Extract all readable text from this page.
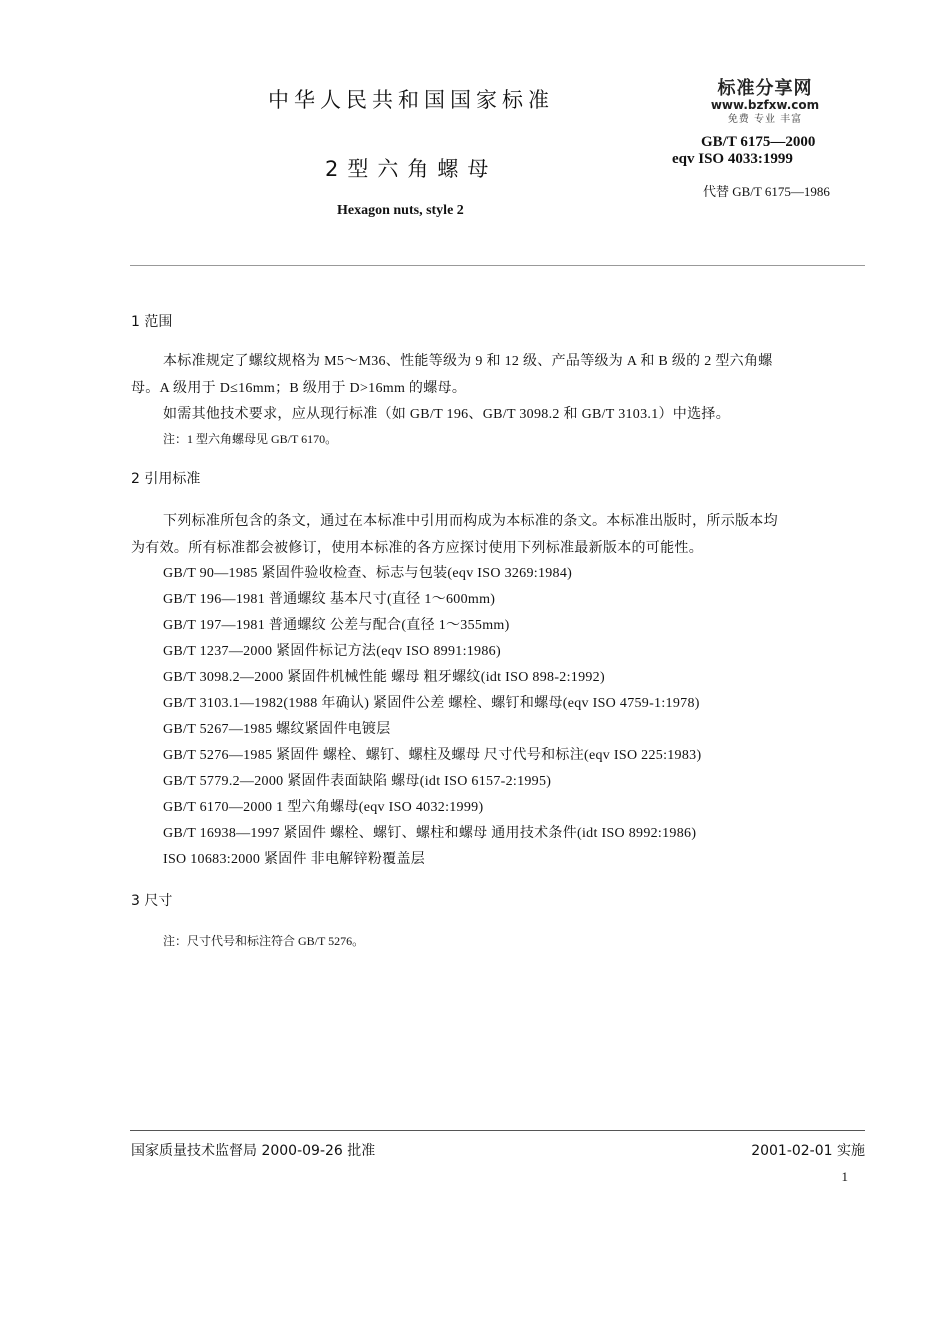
中华人民共和国国家标准	标准分享网
www.bzfxw.com
免费 专业 丰富
GB/T 6175—2000
eqv ISO 4033:1999
代替 GB/T 6175—1986
2型六角螺母
Hexagon nuts, style 2
1 范围
本标准规定了螺纹规格为 M5～M36、性能等级为 9 和 12 级、产品等级为 A 和 B 级的 2 型六角螺
母。A 级用于 D≤16mm；B 级用于 D>16mm 的螺母。
如需其他技术要求，应从现行标准（如 GB/T 196、GB/T 3098.2 和 GB/T 3103.1）中选择。
注：1 型六角螺母见 GB/T 6170。
2 引用标准
下列标准所包含的条文，通过在本标准中引用而构成为本标准的条文。本标准出版时，所示版本均
为有效。所有标准都会被修订，使用本标准的各方应探讨使用下列标准最新版本的可能性。
GB/T 90—1985 紧固件验收检查、标志与包装(eqv ISO 3269:1984)
GB/T 196—1981 普通螺纹 基本尺寸(直径 1～600mm)
GB/T 197—1981 普通螺纹 公差与配合(直径 1～355mm)
GB/T 1237—2000 紧固件标记方法(eqv ISO 8991:1986)
GB/T 3098.2—2000 紧固件机械性能 螺母 粗牙螺纹(idt ISO 898-2:1992)
GB/T 3103.1—1982(1988 年确认) 紧固件公差 螺栓、螺钉和螺母(eqv ISO 4759-1:1978)
GB/T 5267—1985 螺纹紧固件电镀层
GB/T 5276—1985 紧固件 螺栓、螺钉、螺柱及螺母 尺寸代号和标注(eqv ISO 225:1983)
GB/T 5779.2—2000 紧固件表面缺陷 螺母(idt ISO 6157-2:1995)
GB/T 6170—2000 1 型六角螺母(eqv ISO 4032:1999)
GB/T 16938—1997 紧固件 螺栓、螺钉、螺柱和螺母 通用技术条件(idt ISO 8992:1986)
ISO 10683:2000 紧固件 非电解锌粉覆盖层
3 尺寸
注：尺寸代号和标注符合 GB/T 5276。
国家质量技术监督局 2000-09-26 批准	2001-02-01 实施
1
